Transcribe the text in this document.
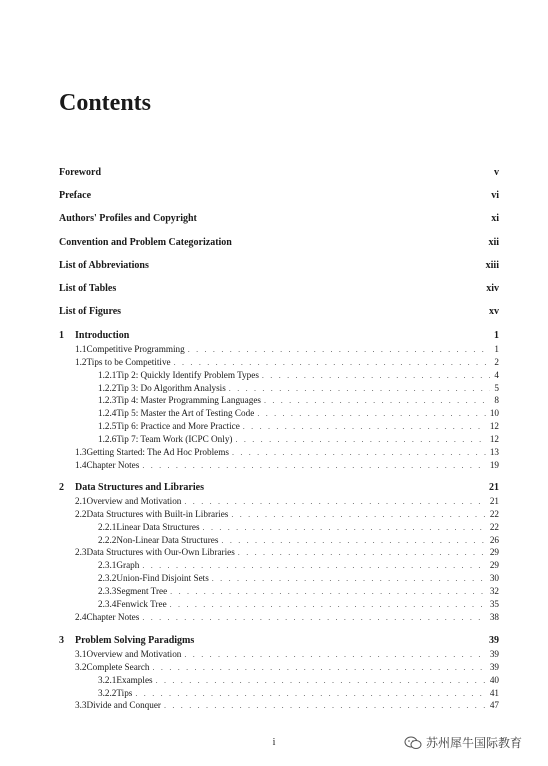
Contents
Foreword	v
Preface	vi
Authors' Profiles and Copyright	xi
Convention and Problem Categorization	xii
List of Abbreviations	xiii
List of Tables	xiv
List of Figures	xv
1	Introduction	1
1.1 Competitive Programming . . .	1
1.2 Tips to be Competitive . . .	2
1.2.1 Tip 2: Quickly Identify Problem Types . . .	4
1.2.2 Tip 3: Do Algorithm Analysis . . .	5
1.2.3 Tip 4: Master Programming Languages . . .	8
1.2.4 Tip 5: Master the Art of Testing Code . . .	10
1.2.5 Tip 6: Practice and More Practice . . .	12
1.2.6 Tip 7: Team Work (ICPC Only) . . .	12
1.3 Getting Started: The Ad Hoc Problems . . .	13
1.4 Chapter Notes . . .	19
2	Data Structures and Libraries	21
2.1 Overview and Motivation . . .	21
2.2 Data Structures with Built-in Libraries . . .	22
2.2.1 Linear Data Structures . . .	22
2.2.2 Non-Linear Data Structures . . .	26
2.3 Data Structures with Our-Own Libraries . . .	29
2.3.1 Graph . . .	29
2.3.2 Union-Find Disjoint Sets . . .	30
2.3.3 Segment Tree . . .	32
2.3.4 Fenwick Tree . . .	35
2.4 Chapter Notes . . .	38
3	Problem Solving Paradigms	39
3.1 Overview and Motivation . . .	39
3.2 Complete Search . . .	39
3.2.1 Examples . . .	40
3.2.2 Tips . . .	41
3.3 Divide and Conquer . . .	47
i	苏州犀牛国际教育
